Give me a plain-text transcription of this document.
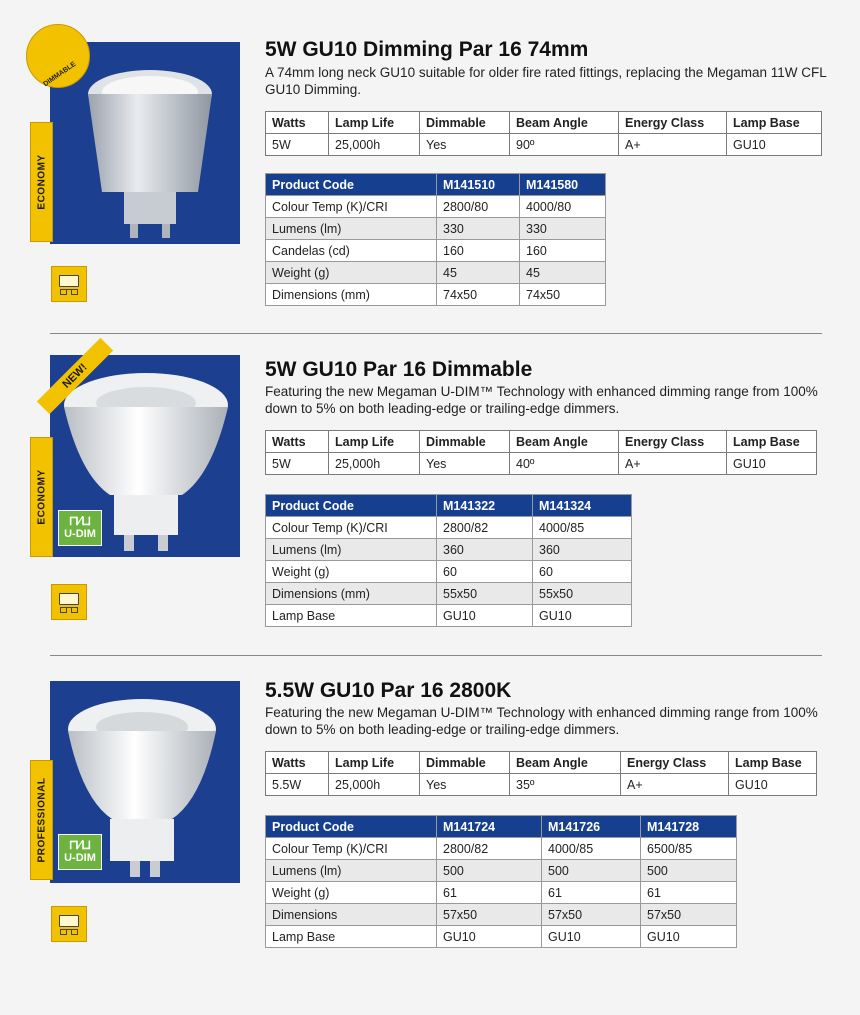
DIMMABLE
ECONOMY
5W GU10 Dimming Par 16 74mm
A 74mm long neck GU10 suitable for older fire rated fittings, replacing the Megaman 11W CFL GU10 Dimming.
Watts	Lamp Life	Dimmable	Beam Angle	Energy Class	Lamp Base
5W	25,000h	Yes	90º	A+	GU10
Product Code	M141510	M141580
Colour Temp (K)/CRI	2800/80	4000/80
Lumens (lm)	330	330
Candelas (cd)	160	160
Weight (g)	45	45
Dimensions (mm)	74x50	74x50
NEW!
⊓⁄⊔
U-DIM
ECONOMY
5W GU10 Par 16 Dimmable
Featuring the new Megaman U-DIM™ Technology with enhanced dimming range from 100% down to 5% on both leading-edge or trailing-edge dimmers.
Watts	Lamp Life	Dimmable	Beam Angle	Energy Class	Lamp Base
5W	25,000h	Yes	40º	A+	GU10
Product Code	M141322	M141324
Colour Temp (K)/CRI	2800/82	4000/85
Lumens (lm)	360	360
Weight (g)	60	60
Dimensions (mm)	55x50	55x50
Lamp Base	GU10	GU10
⊓⁄⊔
U-DIM
PROFESSIONAL
5.5W GU10 Par 16 2800K
Featuring the new Megaman U-DIM™ Technology with enhanced dimming range from 100% down to 5% on both leading-edge or trailing-edge dimmers.
Watts	Lamp Life	Dimmable	Beam Angle	Energy Class	Lamp Base
5.5W	25,000h	Yes	35º	A+	GU10
Product Code	M141724	M141726	M141728
Colour Temp (K)/CRI	2800/82	4000/85	6500/85
Lumens (lm)	500	500	500
Weight (g)	61	61	61
Dimensions	57x50	57x50	57x50
Lamp Base	GU10	GU10	GU10
